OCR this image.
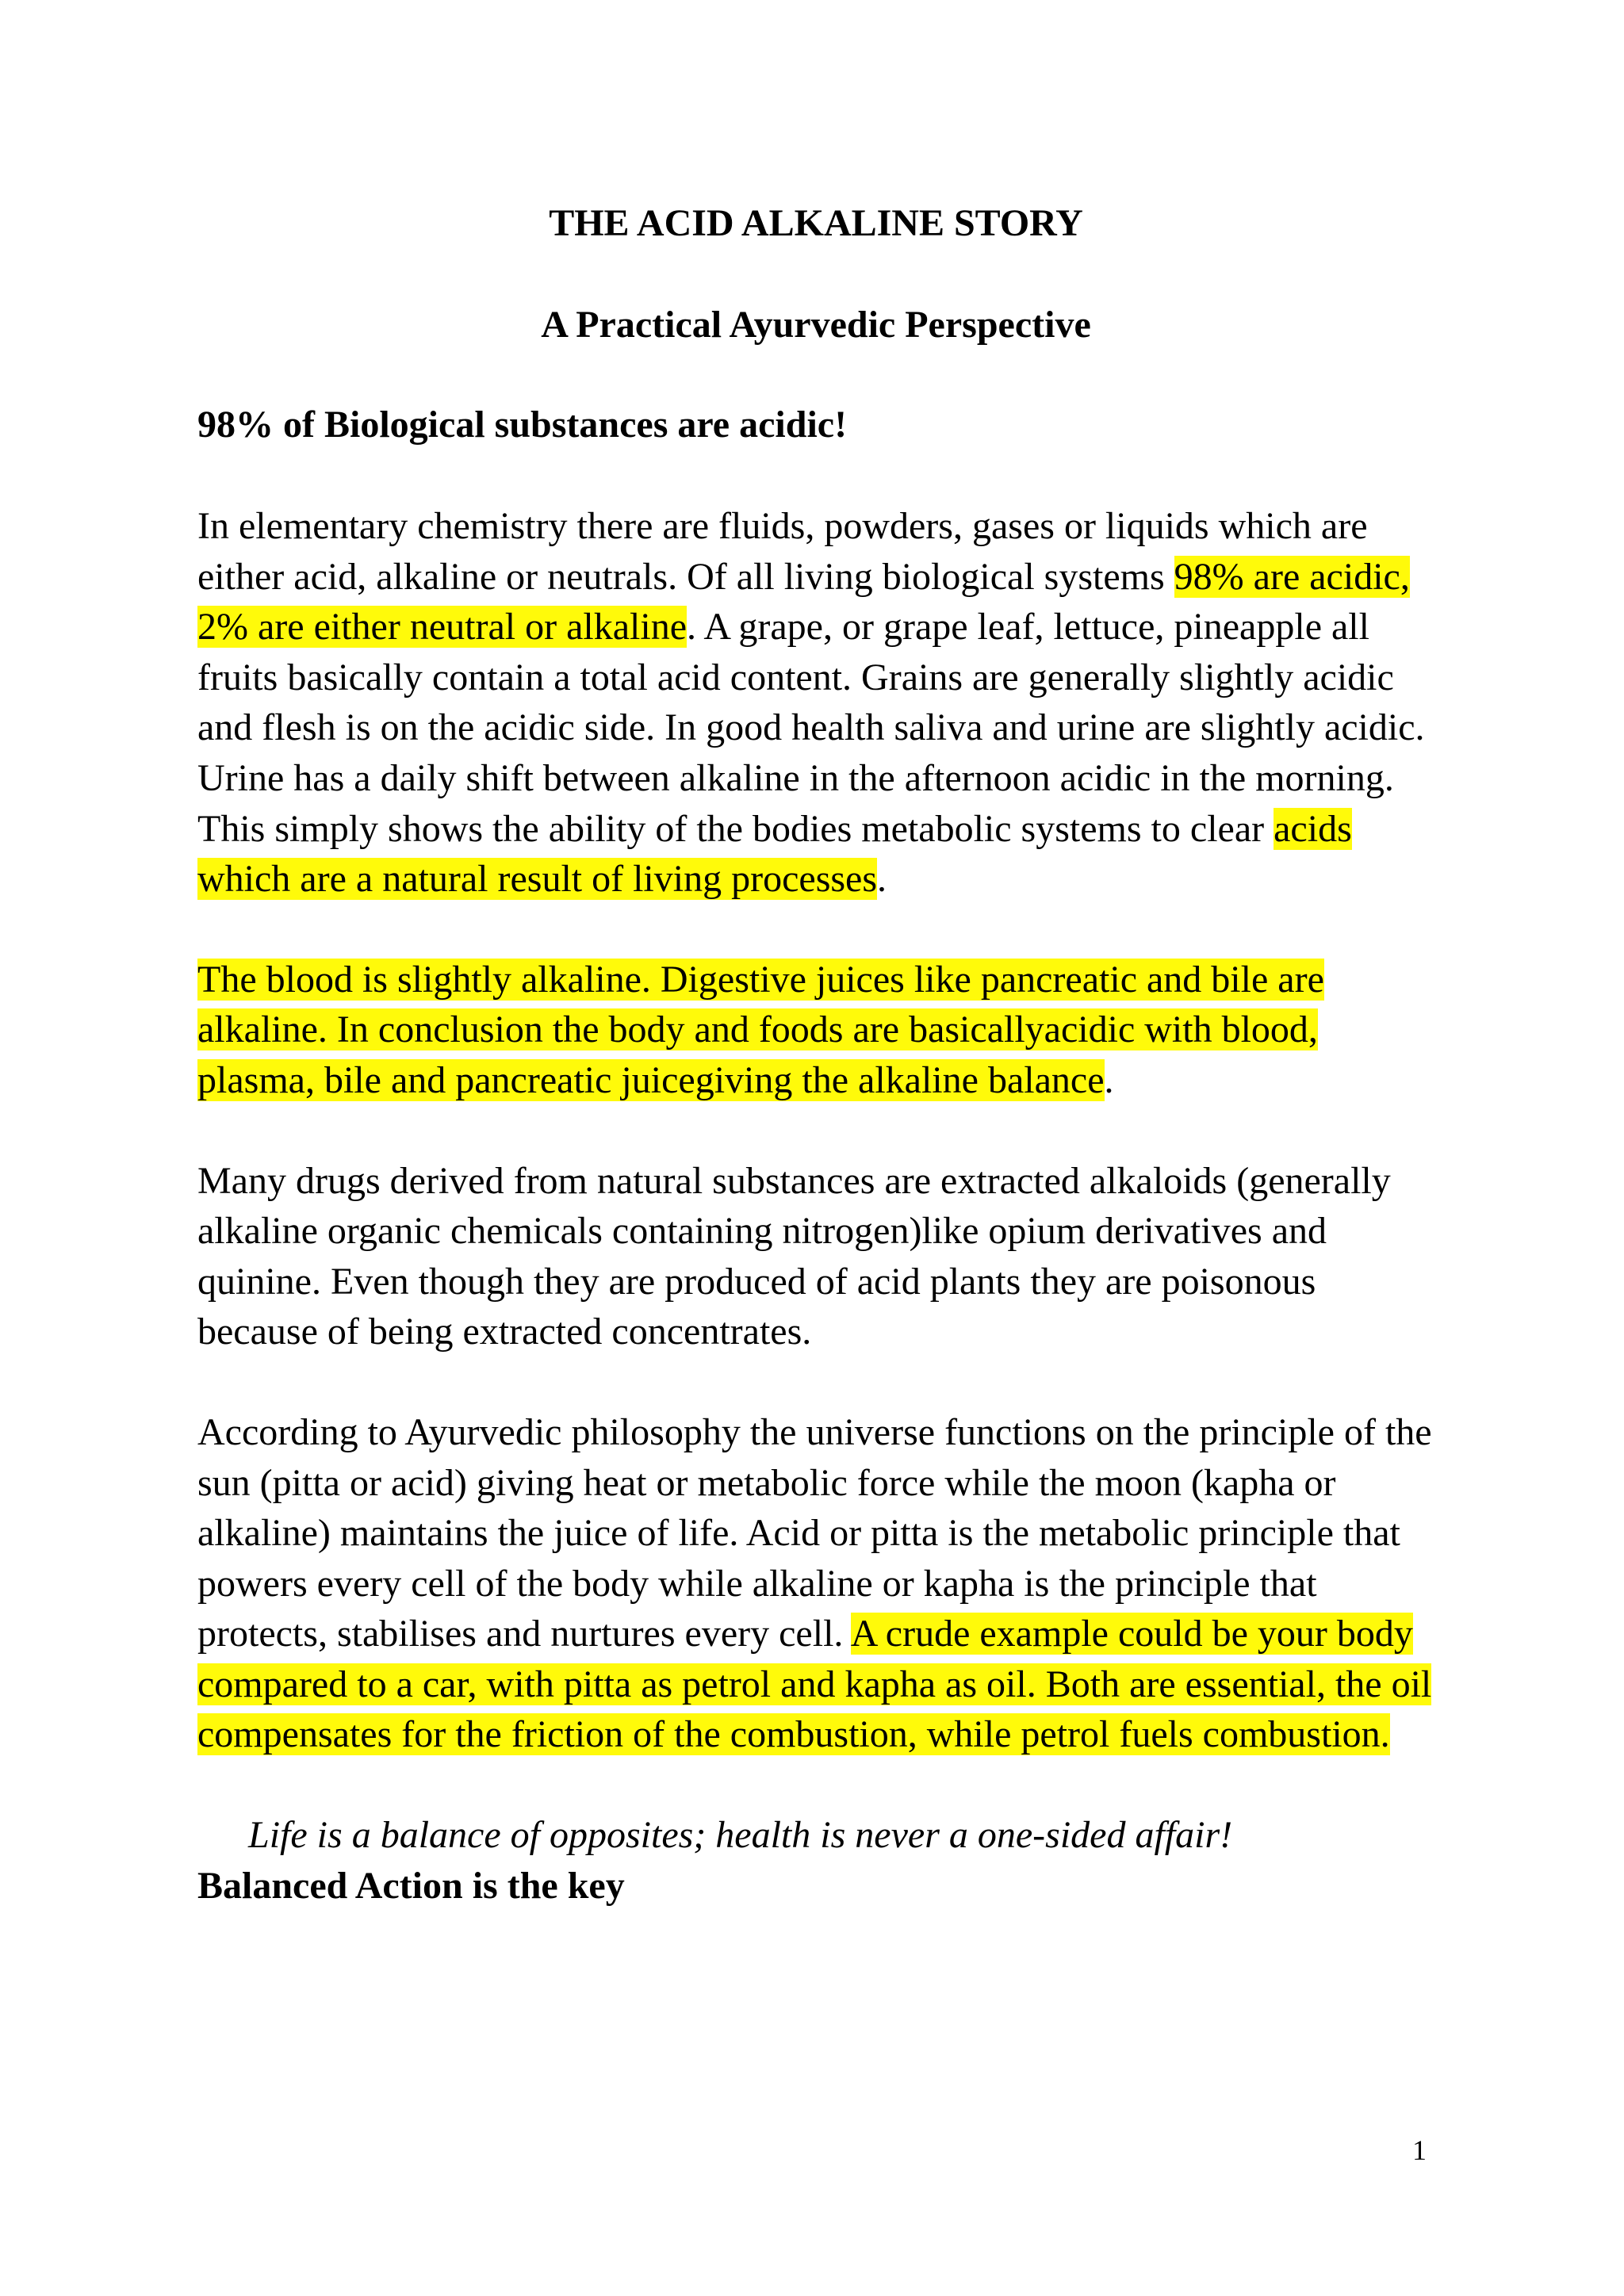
THE ACID ALKALINE STORY

A Practical Ayurvedic Perspective

98% of Biological substances are acidic!

In elementary chemistry there are fluids, powders, gases or liquids which are either acid, alkaline or neutrals. Of all living biological systems 98% are acidic, 2% are either neutral or alkaline. A grape, or grape leaf, lettuce, pineapple all fruits basically contain a total acid content. Grains are generally slightly acidic and flesh is on the acidic side. In good health saliva and urine are slightly acidic. Urine has a daily shift between alkaline in the afternoon acidic in the morning. This simply shows the ability of the bodies metabolic systems to clear acids which are a natural result of living processes.

The blood is slightly alkaline. Digestive juices like pancreatic and bile are alkaline. In conclusion the body and foods are basicallyacidic with blood, plasma, bile and pancreatic juicegiving the alkaline balance.

Many drugs derived from natural substances are extracted alkaloids (generally alkaline organic chemicals containing nitrogen)like opium derivatives and quinine. Even though they are produced of acid plants they are poisonous because of being extracted concentrates.

According to Ayurvedic philosophy the universe functions on the principle of the sun (pitta or acid) giving heat or metabolic force while the moon (kapha or alkaline) maintains the juice of life. Acid or pitta is the metabolic principle that powers every cell of the body while alkaline or kapha is the principle that protects, stabilises and nurtures every cell. A crude example could be your body compared to a car, with pitta as petrol and kapha as oil. Both are essential, the oil compensates for the friction of the combustion, while petrol fuels combustion.

Life is a balance of opposites; health is never a one-sided affair!

Balanced Action is the key

1
